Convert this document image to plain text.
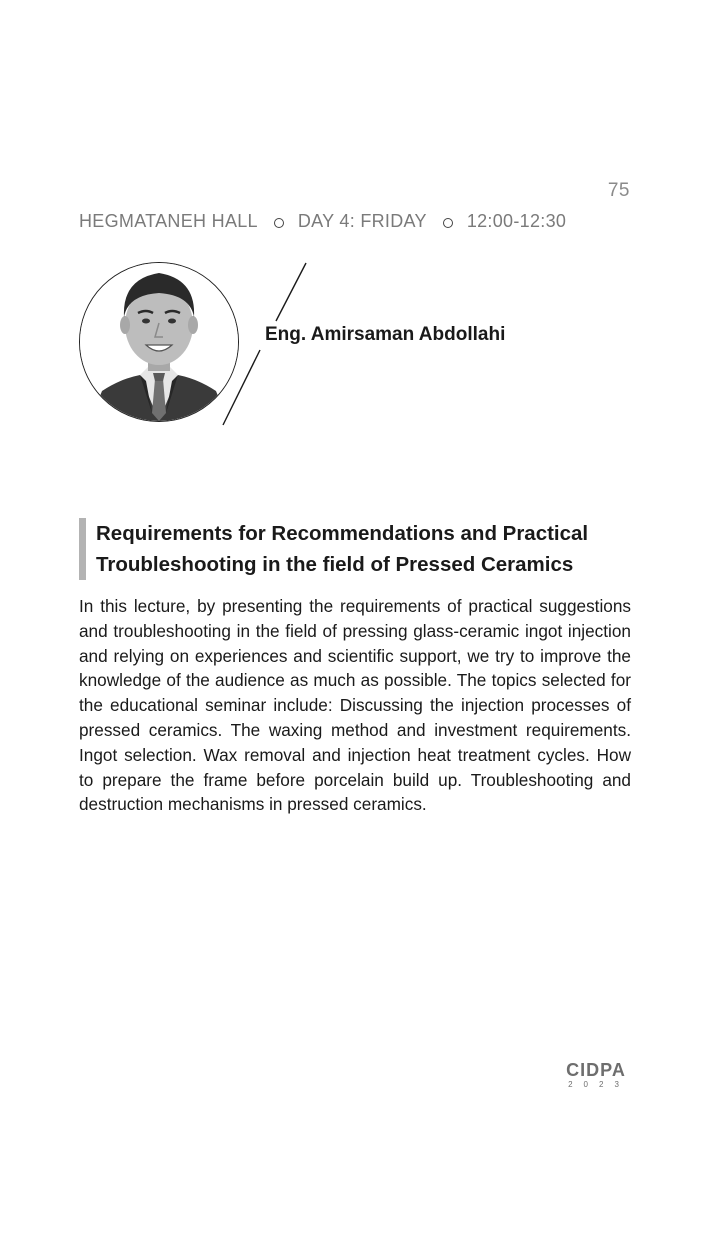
75
HEGMATANEH HALL DAY 4: FRIDAY 12:00-12:30
Eng. Amirsaman Abdollahi
Requirements for Recommendations and Practical
Troubleshooting in the field of Pressed Ceramics

In this lecture, by presenting the requirements of practical suggestions and troubleshooting in the field of pressing glass-ceramic ingot injection and relying on experiences and scientific support, we try to improve the knowledge of the audience as much as possible. The topics selected for the educational seminar include: Discussing the injection processes of pressed ceramics. The waxing method and investment requirements. Ingot selection. Wax removal and injection heat treatment cycles. How to prepare the frame before porcelain build up. Troubleshooting and destruction mechanisms in pressed ceramics.

CIDPA
2023
